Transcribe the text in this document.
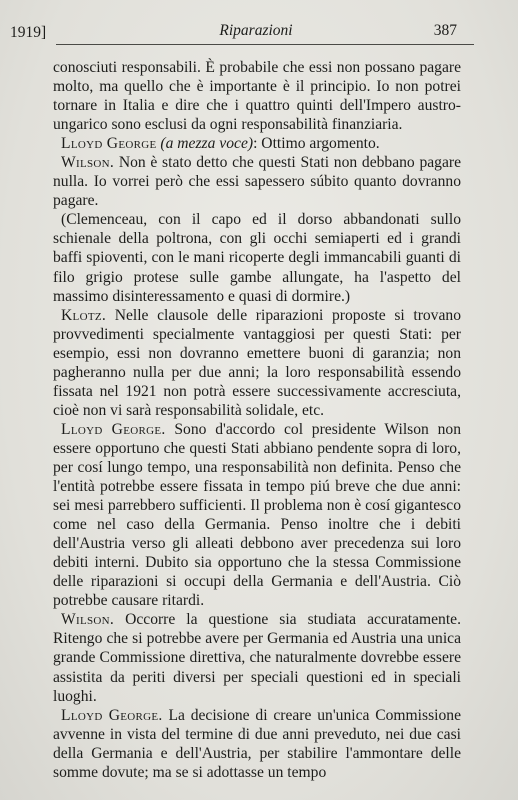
1919]	Riparazioni	387

conosciuti responsabili. È probabile che essi non possano pagare molto, ma quello che è importante è il principio. Io non potrei tornare in Italia e dire che i quattro quinti dell'Impero austro-ungarico sono esclusi da ogni responsabilità finanziaria.

Lloyd George (a mezza voce): Ottimo argomento.

Wilson. Non è stato detto che questi Stati non debbano pagare nulla. Io vorrei però che essi sapessero súbito quanto dovranno pagare.

(Clemenceau, con il capo ed il dorso abbandonati sullo schienale della poltrona, con gli occhi semiaperti ed i grandi baffi spioventi, con le mani ricoperte degli immancabili guanti di filo grigio protese sulle gambe allungate, ha l'aspetto del massimo disinteressamento e quasi di dormire.)

Klotz. Nelle clausole delle riparazioni proposte si trovano provvedimenti specialmente vantaggiosi per questi Stati: per esempio, essi non dovranno emettere buoni di garanzia; non pagheranno nulla per due anni; la loro responsabilità essendo fissata nel 1921 non potrà essere successivamente accresciuta, cioè non vi sarà responsabilità solidale, etc.

Lloyd George. Sono d'accordo col presidente Wilson non essere opportuno che questi Stati abbiano pendente sopra di loro, per cosí lungo tempo, una responsabilità non definita. Penso che l'entità potrebbe essere fissata in tempo piú breve che due anni: sei mesi parrebbero sufficienti. Il problema non è cosí gigantesco come nel caso della Germania. Penso inoltre che i debiti dell'Austria verso gli alleati debbono aver precedenza sui loro debiti interni. Dubito sia opportuno che la stessa Commissione delle riparazioni si occupi della Germania e dell'Austria. Ciò potrebbe causare ritardi.

Wilson. Occorre la questione sia studiata accuratamente. Ritengo che si potrebbe avere per Germania ed Austria una unica grande Commissione direttiva, che naturalmente dovrebbe essere assistita da periti diversi per speciali questioni ed in speciali luoghi.

Lloyd George. La decisione di creare un'unica Commissione avvenne in vista del termine di due anni preveduto, nei due casi della Germania e dell'Austria, per stabilire l'ammontare delle somme dovute; ma se si adottasse un tempo
